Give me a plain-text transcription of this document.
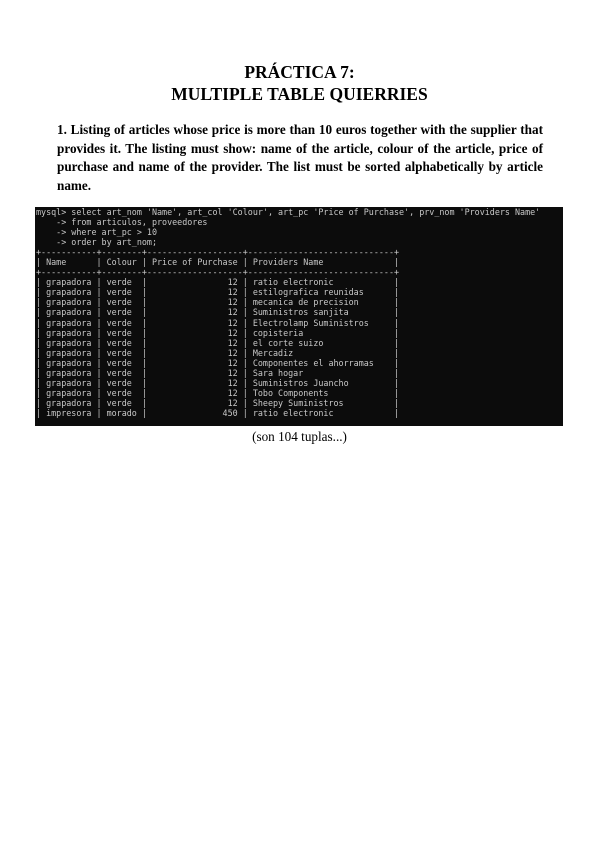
PRÁCTICA 7:
MULTIPLE TABLE QUIERRIES
1. Listing of articles whose price is more than 10 euros together with the supplier that provides it. The listing must show: name of the article, colour of the article, price of purchase and name of the provider. The list must be sorted alphabetically by article name.
mysql> select art_nom 'Name', art_col 'Colour', art_pc 'Price of Purchase', prv_nom 'Providers Name'
-> from articulos, proveedores
-> where art_pc > 10
-> order by art_nom;
+-----------+--------+-------------------+-----------------------------+
| Name      | Colour | Price of Purchase | Providers Name              |
+-----------+--------+-------------------+-----------------------------+
| grapadora | verde  |                12 | ratio electronic            |
| grapadora | verde  |                12 | estilografica reunidas      |
| grapadora | verde  |                12 | mecanica de precision       |
| grapadora | verde  |                12 | Suministros sanjita         |
| grapadora | verde  |                12 | Electrolamp Suministros     |
| grapadora | verde  |                12 | copisteria                  |
| grapadora | verde  |                12 | el corte suizo              |
| grapadora | verde  |                12 | Mercadiz                    |
| grapadora | verde  |                12 | Componentes el ahorramas    |
| grapadora | verde  |                12 | Sara hogar                  |
| grapadora | verde  |                12 | Suministros Juancho         |
| grapadora | verde  |                12 | Tobo Components             |
| grapadora | verde  |                12 | Sheepy Suministros          |
| impresora | morado |               450 | ratio electronic            |
(son 104 tuplas...)
